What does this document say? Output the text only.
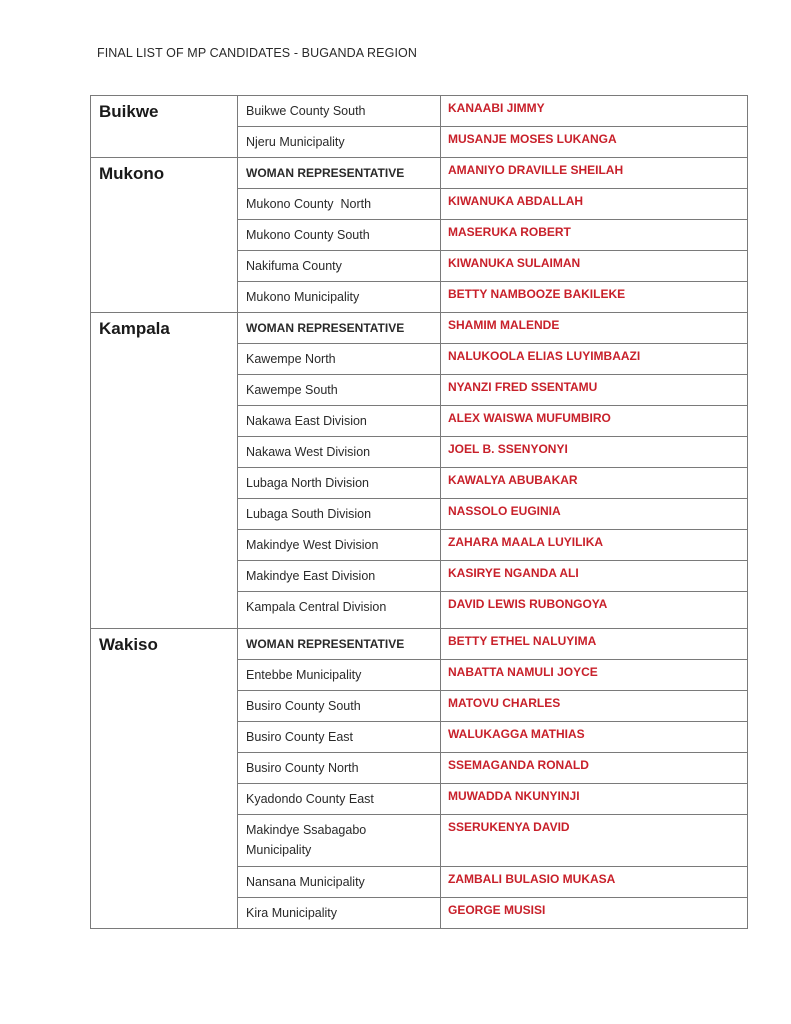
FINAL LIST OF MP CANDIDATES - BUGANDA REGION
Buikwe	Buikwe County South	KANAABI JIMMY
	Njeru Municipality	MUSANJE MOSES LUKANGA
Mukono	WOMAN REPRESENTATIVE	AMANIYO DRAVILLE SHEILAH
	Mukono County  North	KIWANUKA ABDALLAH
	Mukono County South	MASERUKA ROBERT
	Nakifuma County	KIWANUKA SULAIMAN
	Mukono Municipality	BETTY NAMBOOZE BAKILEKE
Kampala	WOMAN REPRESENTATIVE	SHAMIM MALENDE
	Kawempe North	NALUKOOLA ELIAS LUYIMBAAZI
	Kawempe South	NYANZI FRED SSENTAMU
	Nakawa East Division	ALEX WAISWA MUFUMBIRO
	Nakawa West Division	JOEL B. SSENYONYI
	Lubaga North Division	KAWALYA ABUBAKAR
	Lubaga South Division	NASSOLO EUGINIA
	Makindye West Division	ZAHARA MAALA LUYILIKA
	Makindye East Division	KASIRYE NGANDA ALI
	Kampala Central Division	DAVID LEWIS RUBONGOYA
Wakiso	WOMAN REPRESENTATIVE	BETTY ETHEL NALUYIMA
	Entebbe Municipality	NABATTA NAMULI JOYCE
	Busiro County South	MATOVU CHARLES
	Busiro County East	WALUKAGGA MATHIAS
	Busiro County North	SSEMAGANDA RONALD
	Kyadondo County East	MUWADDA NKUNYINJI
	Makindye Ssabagabo Municipality	SSERUKENYA DAVID
	Nansana Municipality	ZAMBALI BULASIO MUKASA
	Kira Municipality	GEORGE MUSISI
